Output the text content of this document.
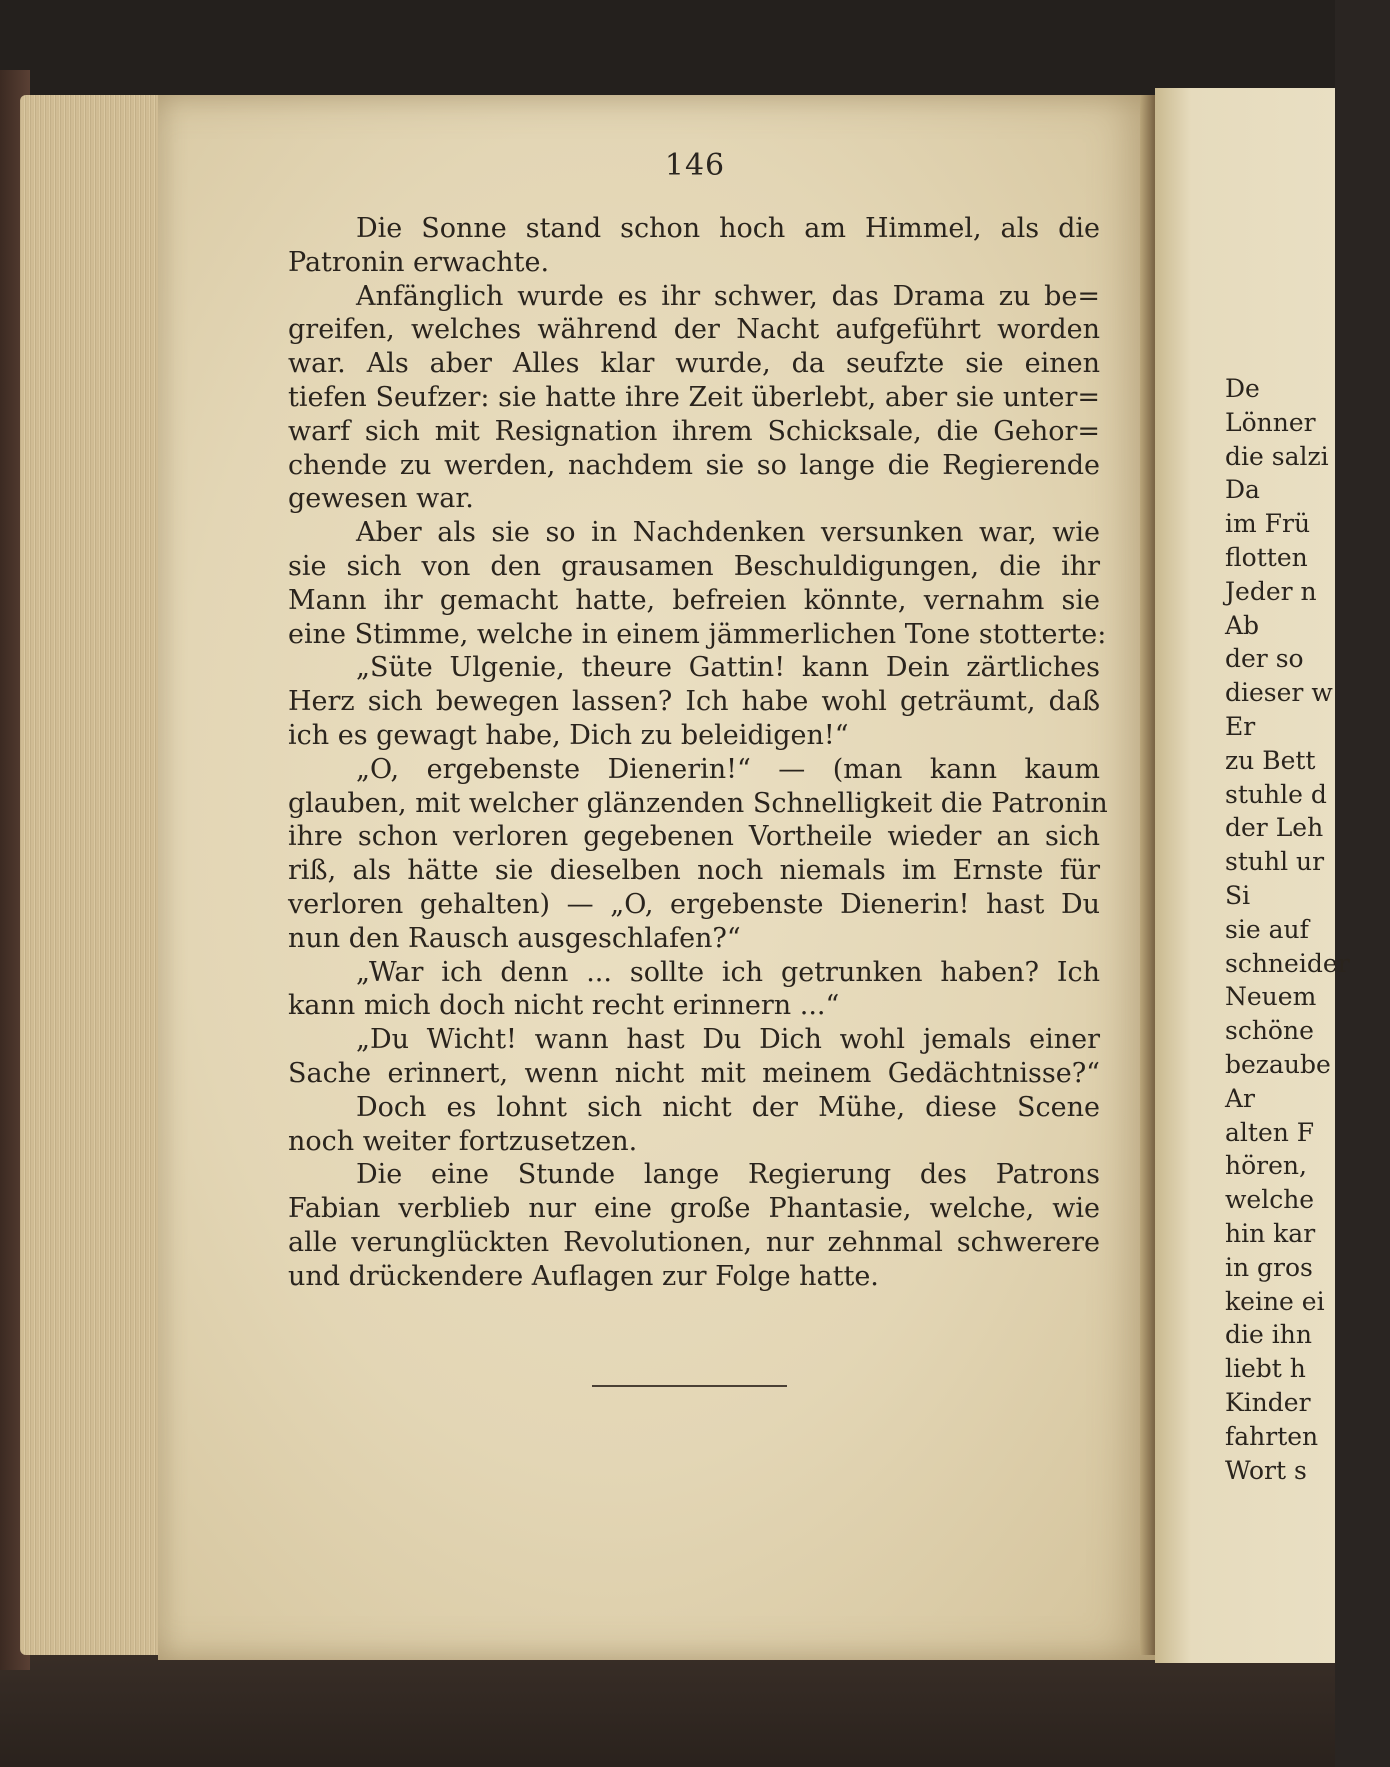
146
Die Sonne stand schon hoch am Himmel, als die
Patronin erwachte.
Anfänglich wurde es ihr schwer, das Drama zu be=
greifen, welches während der Nacht aufgeführt worden
war. Als aber Alles klar wurde, da seufzte sie einen
tiefen Seufzer: sie hatte ihre Zeit überlebt, aber sie unter=
warf sich mit Resignation ihrem Schicksale, die Gehor=
chende zu werden, nachdem sie so lange die Regierende
gewesen war.
Aber als sie so in Nachdenken versunken war, wie
sie sich von den grausamen Beschuldigungen, die ihr
Mann ihr gemacht hatte, befreien könnte, vernahm sie
eine Stimme, welche in einem jämmerlichen Tone stotterte:
„Süte Ulgenie, theure Gattin! kann Dein zärtliches
Herz sich bewegen lassen? Ich habe wohl geträumt, daß
ich es gewagt habe, Dich zu beleidigen!“
„O, ergebenste Dienerin!“ — (man kann kaum
glauben, mit welcher glänzenden Schnelligkeit die Patronin
ihre schon verloren gegebenen Vortheile wieder an sich
riß, als hätte sie dieselben noch niemals im Ernste für
verloren gehalten) — „O, ergebenste Dienerin! hast Du
nun den Rausch ausgeschlafen?“
„War ich denn ... sollte ich getrunken haben? Ich
kann mich doch nicht recht erinnern ...“
„Du Wicht! wann hast Du Dich wohl jemals einer
Sache erinnert, wenn nicht mit meinem Gedächtnisse?“
Doch es lohnt sich nicht der Mühe, diese Scene
noch weiter fortzusetzen.
Die eine Stunde lange Regierung des Patrons
Fabian verblieb nur eine große Phantasie, welche, wie
alle verunglückten Revolutionen, nur zehnmal schwerere
und drückendere Auflagen zur Folge hatte.
De
Lönner
die salzi
Da
im Frü
flotten
Jeder n
Ab
der so
dieser w
Er
zu Bett
stuhle d
der Leh
stuhl ur
Si
sie auf
schneider
Neuem
schöne
bezaube
Ar
alten F
hören,
welche
hin kar
in gros
keine ei
die ihn
liebt h
Kinder
fahrten
Wort s
